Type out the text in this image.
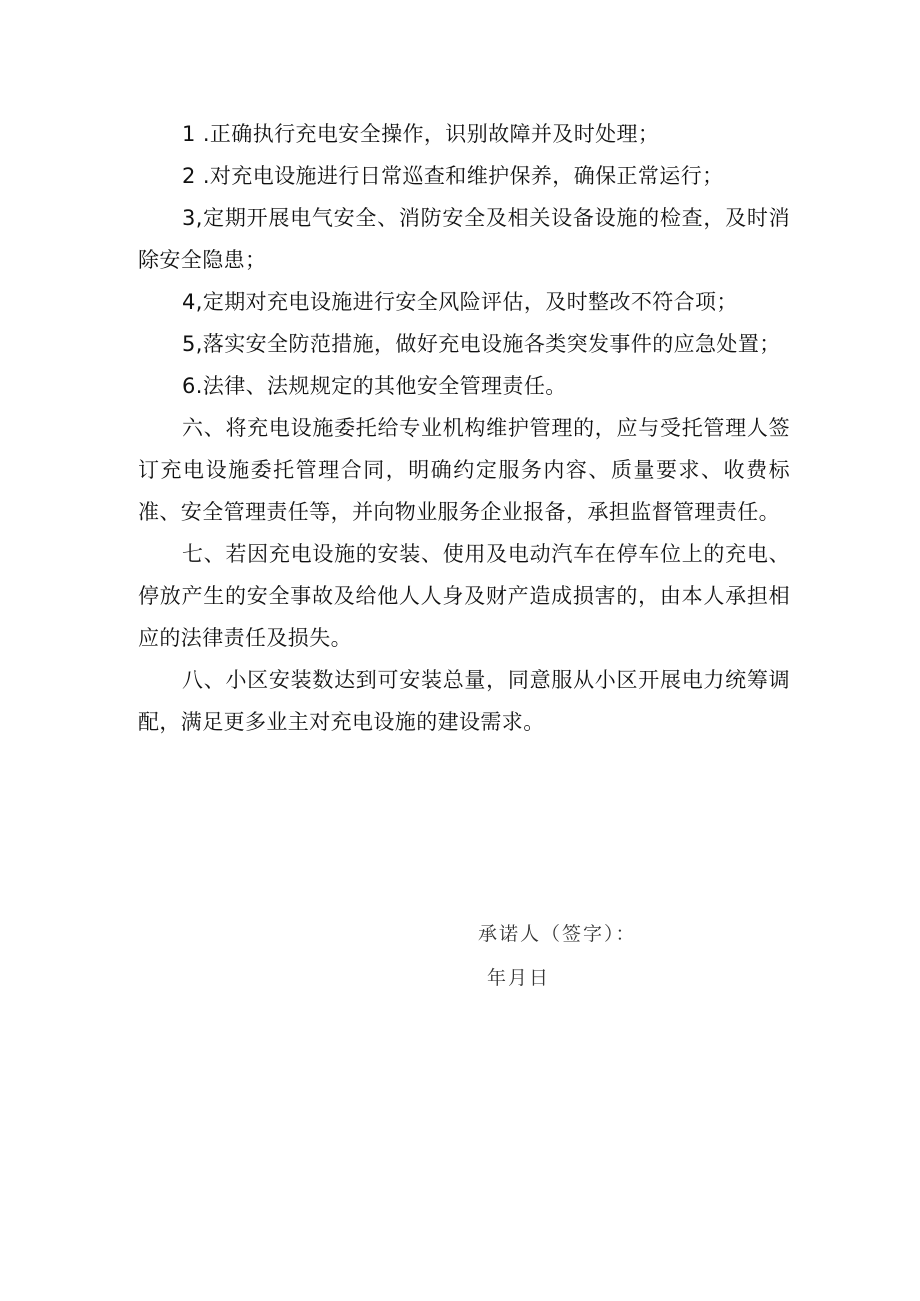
1 .正确执行充电安全操作，识别故障并及时处理；

2 .对充电设施进行日常巡查和维护保养，确保正常运行；

3,定期开展电气安全、消防安全及相关设备设施的检查，及时消除安全隐患；

4,定期对充电设施进行安全风险评估，及时整改不符合项；

5,落实安全防范措施，做好充电设施各类突发事件的应急处置；

6.法律、法规规定的其他安全管理责任。

六、将充电设施委托给专业机构维护管理的，应与受托管理人签订充电设施委托管理合同，明确约定服务内容、质量要求、收费标准、安全管理责任等，并向物业服务企业报备，承担监督管理责任。

七、若因充电设施的安装、使用及电动汽车在停车位上的充电、停放产生的安全事故及给他人人身及财产造成损害的，由本人承担相应的法律责任及损失。

八、小区安装数达到可安装总量，同意服从小区开展电力统筹调配，满足更多业主对充电设施的建设需求。

承诺人（签字）：
年月日
